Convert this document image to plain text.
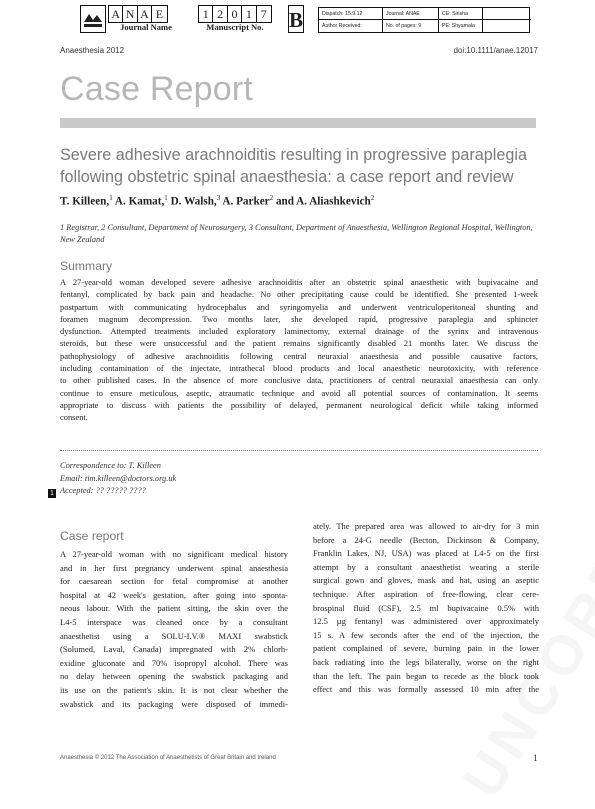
A N A E	1 2 0 1 7
Journal Name	Manuscript No.	B	Dispatch: 15.9.12	Journal: ANAE	CE: Sirisha
Author Received:	No. of pages: 9	PE: Shyamala
Anaesthesia 2012	doi:10.1111/anae.12017
Case Report
Severe adhesive arachnoiditis resulting in progressive paraplegia following obstetric spinal anaesthesia: a case report and review
T. Killeen,$^1$ A. Kamat,$^1$ D. Walsh,$^3$ A. Parker$^2$ and A. Aliashkevich$^2$
1 Registrar, 2 Consultant, Department of Neurosurgery, 3 Consultant, Department of Anaesthesia, Wellington Regional Hospital, Wellington, New Zealand
Summary
A 27-year-old woman developed severe adhesive arachnoiditis after an obstetric spinal anaesthetic with bupivacaine and
fentanyl, complicated by back pain and headache. No other precipitating cause could be identified. She presented 1-week
postpartum with communicating hydrocephalus and syringomyelia and underwent ventriculoperitoneal shunting and
foramen magnum decompression. Two months later, she developed rapid, progressive paraplegia and sphincter
dysfunction. Attempted treatments included exploratory laminectomy, external drainage of the syrinx and intravenous
steroids, but these were unsuccessful and the patient remains significantly disabled 21 months later. We discuss the
pathophysiology of adhesive arachnoiditis following central neuraxial anaesthesia and possible causative factors,
including contamination of the injectate, intrathecal blood products and local anaesthetic neurotoxicity, with reference
to other published cases. In the absence of more conclusive data, practitioners of central neuraxial anaesthesia can only
continue to ensure meticulous, aseptic, atraumatic technique and avoid all potential sources of contamination. It seems
appropriate to discuss with patients the possibility of delayed, permanent neurological deficit while taking informed
consent.
Correspondence to: T. Killeen
Email: tim.killeen@doctors.org.uk
Accepted: ?? ????? ????
1
Case report
A 27-year-old woman with no significant medical history
and in her first pregnancy underwent spinal anaesthesia
for caesarean section for fetal compromise at another
hospital at 42 week's gestation, after going into sponta-
neous labour. With the patient sitting, the skin over the
L4-5 interspace was cleaned once by a consultant
anaesthetist using a SOLU-I.V.® MAXI swabstick
(Solumed, Laval, Canada) impregnated with 2% chlorh-
exidine gluconate and 70% isopropyl alcohol. There was
no delay between opening the swabstick packaging and
its use on the patient's skin. It is not clear whether the
swabstick and its packaging were disposed of immedi-
ately. The prepared area was allowed to air-dry for 3 min
before a 24-G needle (Becton, Dickinson & Company,
Franklin Lakes, NJ, USA) was placed at L4-5 on the first
attempt by a consultant anaesthetist wearing a sterile
surgical gown and gloves, mask and hat, using an aseptic
technique. After aspiration of free-flowing, clear cere-
brospinal fluid (CSF), 2.5 ml bupivacaine 0.5% with
12.5 µg fentanyl was administered over approximately
15 s. A few seconds after the end of the injection, the
patient complained of severe, burning pain in the lower
back radiating into the legs bilaterally, worse on the right
than the left. The pain began to recede as the block took
effect and this was formally assessed 10 min after the
Anaesthesia © 2012 The Association of Anaesthetists of Great Britain and Ireland	1
